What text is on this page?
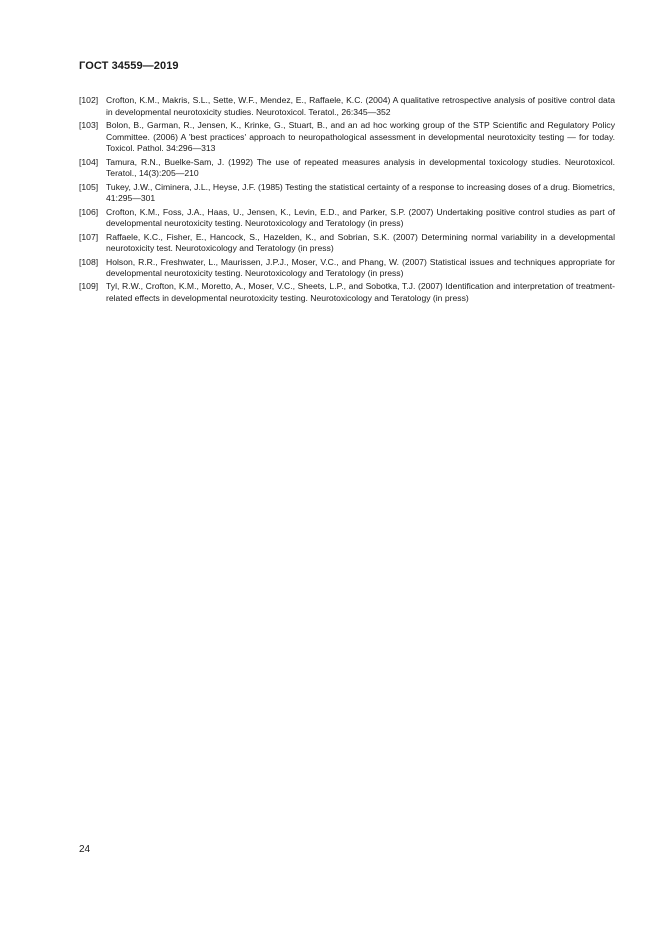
ГОСТ 34559—2019
[102] Crofton, K.M., Makris, S.L., Sette, W.F., Mendez, E., Raffaele, K.C. (2004) A qualitative retrospective analysis of positive control data in developmental neurotoxicity studies. Neurotoxicol. Teratol., 26:345—352
[103] Bolon, B., Garman, R., Jensen, K., Krinke, G., Stuart, B., and an ad hoc working group of the STP Scientific and Regulatory Policy Committee. (2006) A 'best practices' approach to neuropathological assessment in developmental neurotoxicity testing — for today. Toxicol. Pathol. 34:296—313
[104] Tamura, R.N., Buelke-Sam, J. (1992) The use of repeated measures analysis in developmental toxicology studies. Neurotoxicol. Teratol., 14(3):205—210
[105] Tukey, J.W., Ciminera, J.L., Heyse, J.F. (1985) Testing the statistical certainty of a response to increasing doses of a drug. Biometrics, 41:295—301
[106] Crofton, K.M., Foss, J.A., Haas, U., Jensen, K., Levin, E.D., and Parker, S.P. (2007) Undertaking positive control studies as part of developmental neurotoxicity testing. Neurotoxicology and Teratology (in press)
[107] Raffaele, K.C., Fisher, E., Hancock, S., Hazelden, K., and Sobrian, S.K. (2007) Determining normal variability in a developmental neurotoxicity test. Neurotoxicology and Teratology (in press)
[108] Holson, R.R., Freshwater, L., Maurissen, J.P.J., Moser, V.C., and Phang, W. (2007) Statistical issues and techniques appropriate for developmental neurotoxicity testing. Neurotoxicology and Teratology (in press)
[109] Tyl, R.W., Crofton, K.M., Moretto, A., Moser, V.C., Sheets, L.P., and Sobotka, T.J. (2007) Identification and interpretation of treatment-related effects in developmental neurotoxicity testing. Neurotoxicology and Teratology (in press)
24
